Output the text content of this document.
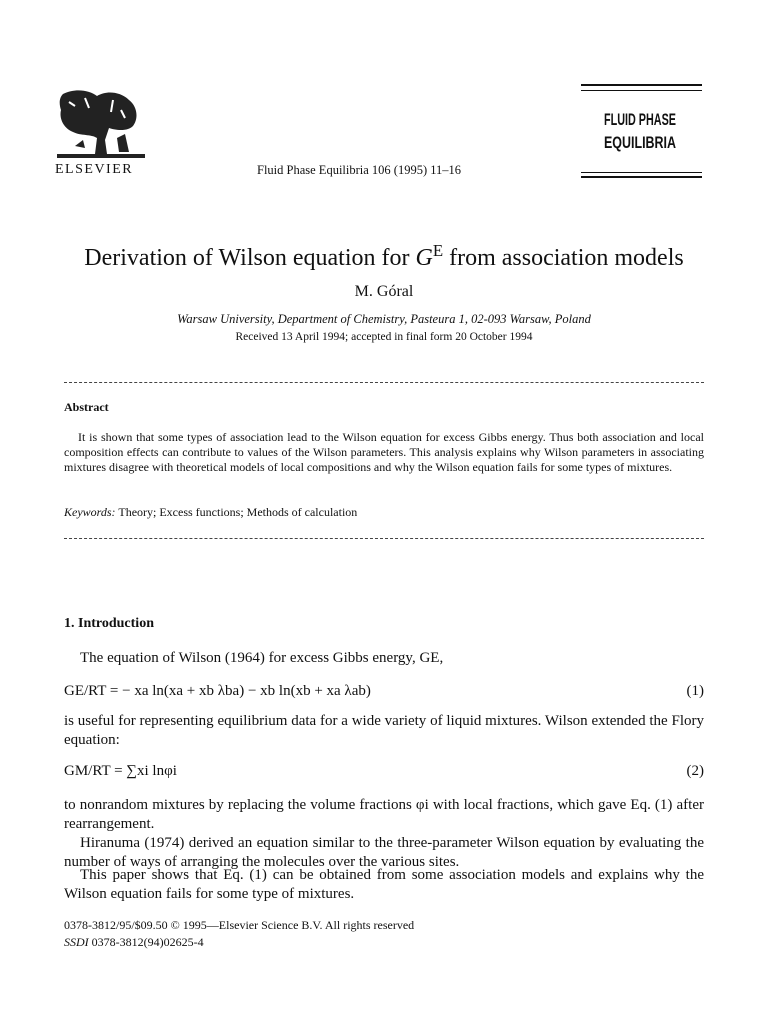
ELSEVIER	Fluid Phase Equilibria 106 (1995) 11–16
FLUID PHASE
EQUILIBRIA
Derivation of Wilson equation for $G^E$ from association models
M. Góral
Warsaw University, Department of Chemistry, Pasteura 1, 02-093 Warsaw, Poland
Received 13 April 1994; accepted in final form 20 October 1994
Abstract

It is shown that some types of association lead to the Wilson equation for excess Gibbs energy. Thus both association and local composition effects can contribute to values of the Wilson parameters. This analysis explains why Wilson parameters in associating mixtures disagree with theoretical models of local compositions and why the Wilson equation fails for some types of mixtures.

Keywords: Theory; Excess functions; Methods of calculation
1. Introduction

The equation of Wilson (1964) for excess Gibbs energy, GE,

GE/RT = − xa ln(xa + xb λba) − xb ln(xb + xa λab)	(1)

is useful for representing equilibrium data for a wide variety of liquid mixtures. Wilson extended the Flory equation:

GM/RT = ∑xi lnφi	(2)

to nonrandom mixtures by replacing the volume fractions φi with local fractions, which gave Eq. (1) after rearrangement.

Hiranuma (1974) derived an equation similar to the three-parameter Wilson equation by evaluating the number of ways of arranging the molecules over the various sites.

This paper shows that Eq. (1) can be obtained from some association models and explains why the Wilson equation fails for some type of mixtures.

0378-3812/95/$09.50 © 1995—Elsevier Science B.V. All rights reserved
SSDI 0378-3812(94)02625-4
